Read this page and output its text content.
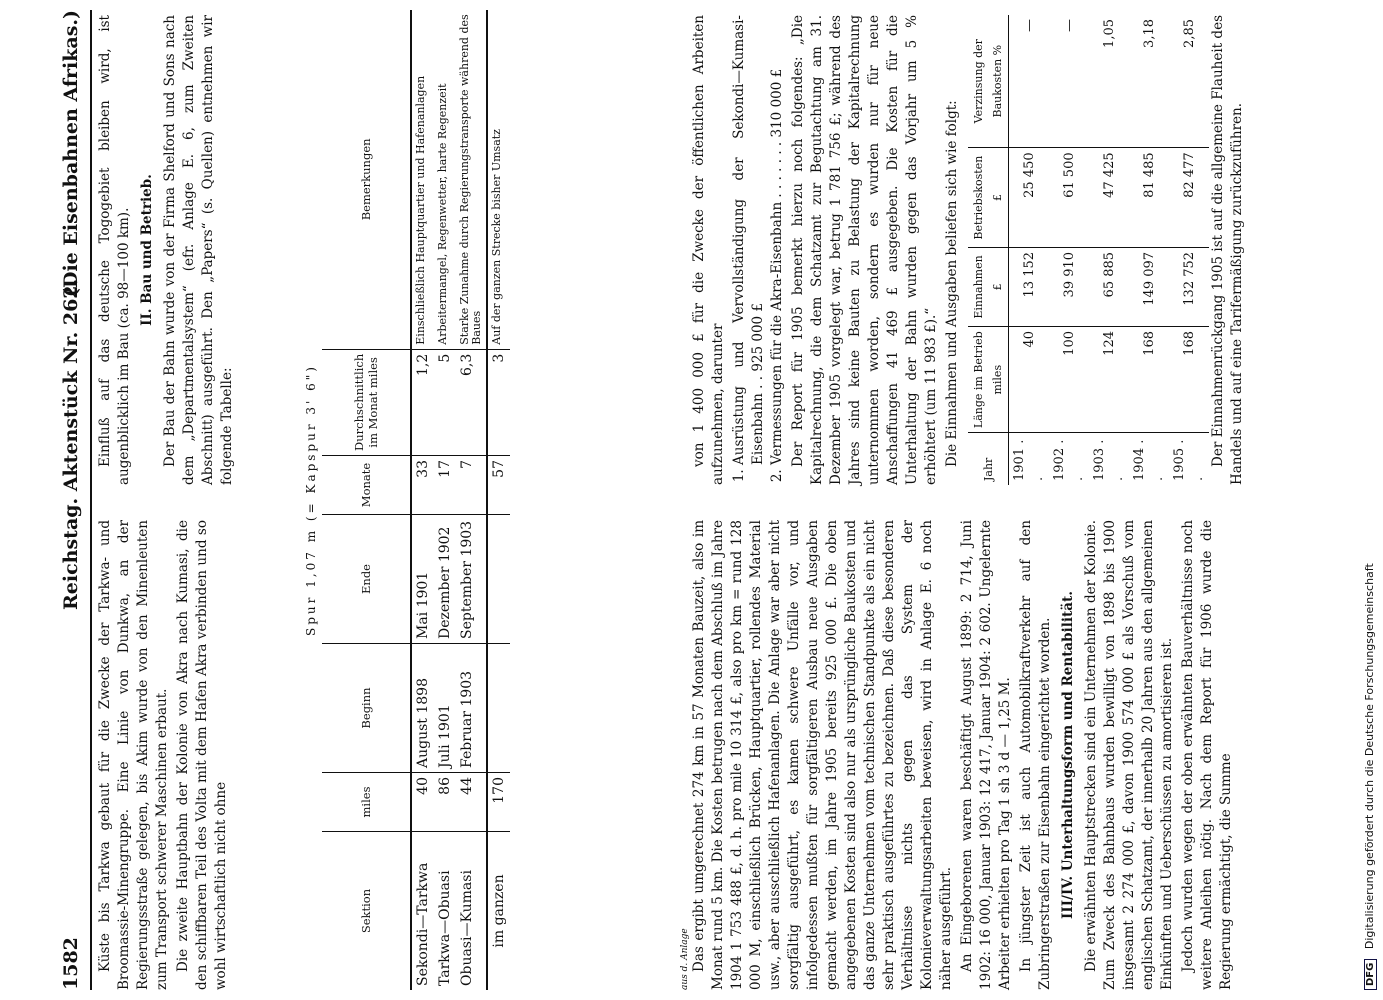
1582
Reichstag. Aktenstück Nr. 262.
(Die Eisenbahnen Afrikas.)

Küste bis Tarkwa gebaut für die Zwecke der Tarkwa- und Broomassie-Minengruppe. Eine Linie von Dunkwa, an der Regierungsstraße gelegen, bis Akim wurde von den Minenleuten zum Transport schwerer Maschinen erbaut. Die zweite Hauptbahn der Kolonie von Akra nach Kumasi, die den schiffbaren Teil des Volta mit dem Hafen Akra verbinden und so wohl wirtschaftlich nicht ohne

Einfluß auf das deutsche Togogebiet bleiben wird, ist augenblicklich im Bau (ca. 98—100 km). II. Bau und Betrieb. Der Bau der Bahn wurde von der Firma Shelford und Sons nach dem „Departmentalsystem“ (efr. Anlage E. 6, zum Zweiten Abschnitt) ausgeführt. Den „Papers“ (s. Quellen) entnehmen wir folgende Tabelle:	Spur 1,07 m (= Kapspur 3' 6")
Sektion	miles	Beginn	Ende	Monate	Durchschnittlich im Monat miles	Bemerkungen
Sekondi—Tarkwa	40	August 1898	Mai 1901	33	1,2	Einschließlich Hauptquartier und Hafenanlagen
Tarkwa—Obuasi	86	Juli 1901	Dezember 1902	17	5	Arbeitermangel, Regenwetter, harte Regenzeit
Obuasi—Kumasi	44	Februar 1903	September 1903	7	6,3	Starke Zunahme durch Regierungstransporte während des Baues
im ganzen	170			57	3	Auf der ganzen Strecke bisher Umsatz

Das ergibt umgerechnet 274 km in 57 Monaten Bauzeit, also im Monat rund 5 km. Die Kosten betrugen nach dem Abschluß im Jahre 1904 1 753 488 £, d. h. pro mile 10 314 £, also pro km = rund 128 000 M, einschließlich Brücken, Hauptquartier, rollendes Material usw., aber ausschließlich Hafenanlagen. Die Anlage war aber nicht sorgfältig ausgeführt, es kamen schwere Unfälle vor, und infolgedessen mußten für sorgfältigeren Ausbau neue Ausgaben gemacht werden, im Jahre 1905 bereits 925 000 £. Die oben angegebenen Kosten sind also nur als ursprüngliche Baukosten und das ganze Unternehmen vom technischen Standpunkte als ein nicht sehr praktisch ausgeführtes zu bezeichnen. Daß diese besonderen Verhältnisse nichts gegen das System der Kolonieverwaltungsarbeiten beweisen, wird in Anlage E. 6 noch näher ausgeführt. An Eingeborenen waren beschäftigt August 1899: 2 714, Juni 1902: 16 000, Januar 1903: 12 417, Januar 1904: 2 602. Ungelernte Arbeiter erhielten pro Tag 1 sh 3 d — 1,25 M. In jüngster Zeit ist auch Automobilkraftverkehr auf den Zubringerstraßen zur Eisenbahn eingerichtet worden. III/IV. Unterhaltungsform und Rentabilität. Die erwähnten Hauptstrecken sind ein Unternehmen der Kolonie. Zum Zweck des Bahnbaus wurden bewilligt von 1898 bis 1900 insgesamt 2 274 000 £, davon 1900 574 000 £ als Vorschuß vom englischen Schatzamt, der innerhalb 20 Jahren aus den allgemeinen Einkünften und Ueberschüssen zu amortisieren ist. Jedoch wurden wegen der oben erwähnten Bauverhältnisse noch weitere Anleihen nötig. Nach dem Report für 1906 wurde die Regierung ermächtigt, die Summe

von 1 400 000 £ für die Zwecke der öffentlichen Arbeiten aufzunehmen, darunter 1. Ausrüstung und Vervollständigung der Sekondi—Kumasi-Eisenbahn . . 925 000 £ 2. Vermessungen für die Akra-Eisenbahn . . . . . . . 310 000 £ Der Report für 1905 bemerkt hierzu noch folgendes: „Die Kapitalrechnung, die dem Schatzamt zur Begutachtung am 31. Dezember 1905 vorgelegt war, betrug 1 781 756 £; während des Jahres sind keine Bauten zu Belastung der Kapitalrechnung unternommen worden, sondern es wurden nur für neue Anschaffungen 41 469 £ ausgegeben. Die Kosten für die Unterhaltung der Bahn wurden gegen das Vorjahr um 5 % erhöhtert (um 11 983 £).“ Die Einnahmen und Ausgaben beliefen sich wie folgt:

Jahr	Länge im Betrieb miles	Einnahmen £	Betriebskosten £	Verzinsung der Baukosten %
1901 . .	40	13 152	25 450	—
1902 . .	100	39 910	61 500	—
1903 . .	124	65 885	47 425	1,05
1904 . .	168	149 097	81 485	3,18
1905 . .	168	132 752	82 477	2,85 Der Einnahmenrückgang 1905 ist auf die allgemeine Flauheit des Handels und auf eine Tarifermäßigung zurückzuführen.

aus d. Anlage	DFG Digitalisierung gefördert durch die Deutsche Forschungsgemeinschaft
